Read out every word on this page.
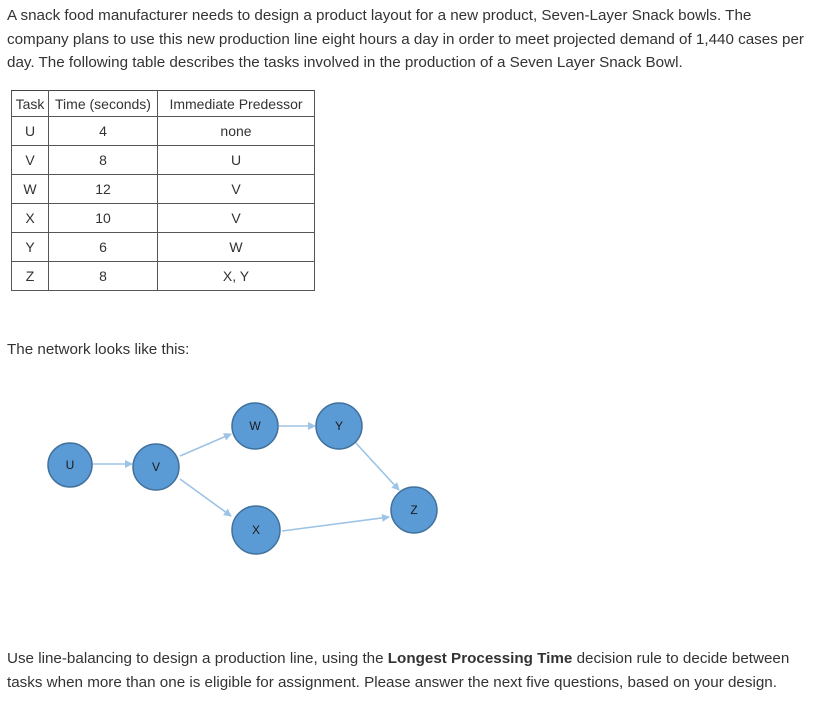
A snack food manufacturer needs to design a product layout for a new product, Seven-Layer Snack bowls. The company plans to use this new production line eight hours a day in order to meet projected demand of 1,440 cases per day. The following table describes the tasks involved in the production of a Seven Layer Snack Bowl.

Task	Time (seconds)	Immediate Predessor
U	4	none
V	8	U
W	12	V
X	10	V
Y	6	W
Z	8	X, Y

The network looks like this:

U	V
W
X
Y
Z

Use line-balancing to design a production line, using the Longest Processing Time decision rule to decide between tasks when more than one is eligible for assignment. Please answer the next five questions, based on your design.
